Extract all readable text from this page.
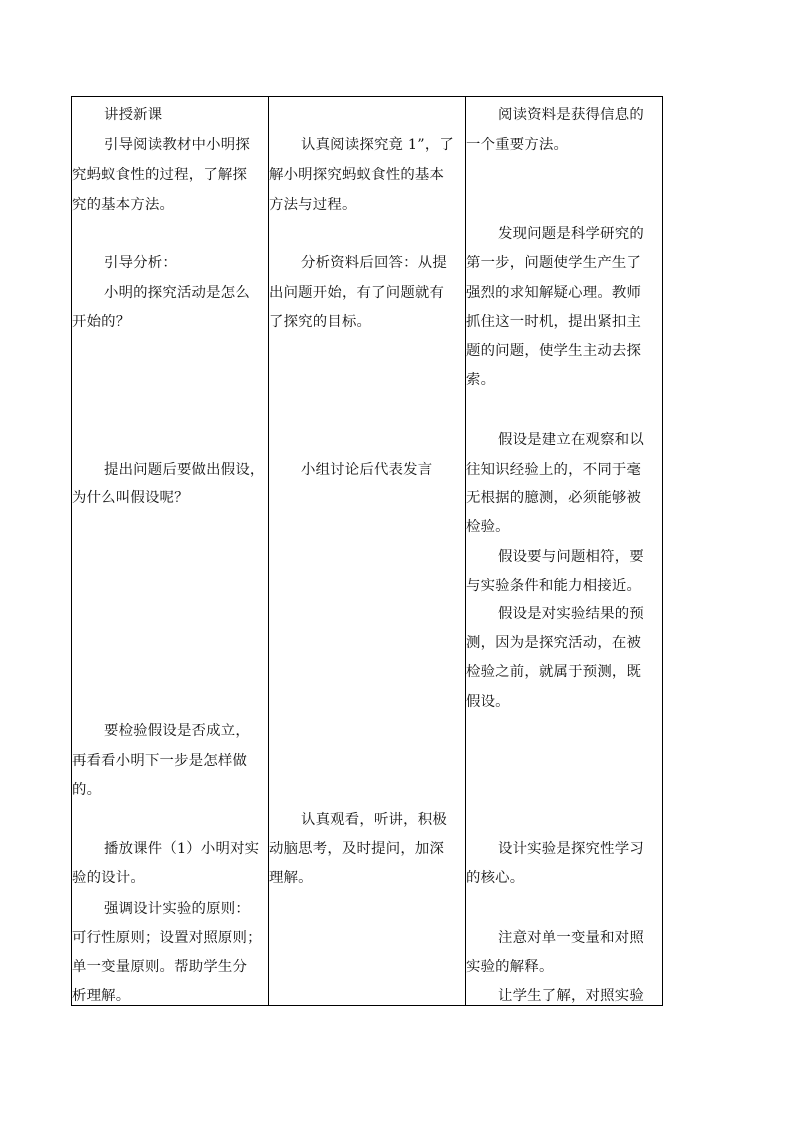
讲授新课
引导阅读教材中小明探
究蚂蚁食性的过程，了解探
究的基本方法。
引导分析：
小明的探究活动是怎么
开始的？
提出问题后要做出假设，
为什么叫假设呢？
要检验假设是否成立，
再看看小明下一步是怎样做
的。
播放课件（1）小明对实
验的设计。
强调设计实验的原则：
可行性原则；设置对照原则；
单一变量原则。帮助学生分
析理解。
认真阅读探究竟 1”，了
解小明探究蚂蚁食性的基本
方法与过程。
分析资料后回答：从提
出问题开始，有了问题就有
了探究的目标。
小组讨论后代表发言
认真观看，听讲，积极
动脑思考，及时提问，加深
理解。
阅读资料是获得信息的
一个重要方法。
发现问题是科学研究的
第一步，问题使学生产生了
强烈的求知解疑心理。教师
抓住这一时机，提出紧扣主
题的问题，使学生主动去探
索。
假设是建立在观察和以
往知识经验上的，不同于毫
无根据的臆测，必须能够被
检验。
假设要与问题相符，要
与实验条件和能力相接近。
假设是对实验结果的预
测，因为是探究活动，在被
检验之前，就属于预测，既
假设。
设计实验是探究性学习
的核心。
注意对单一变量和对照
实验的解释。
让学生了解，对照实验
